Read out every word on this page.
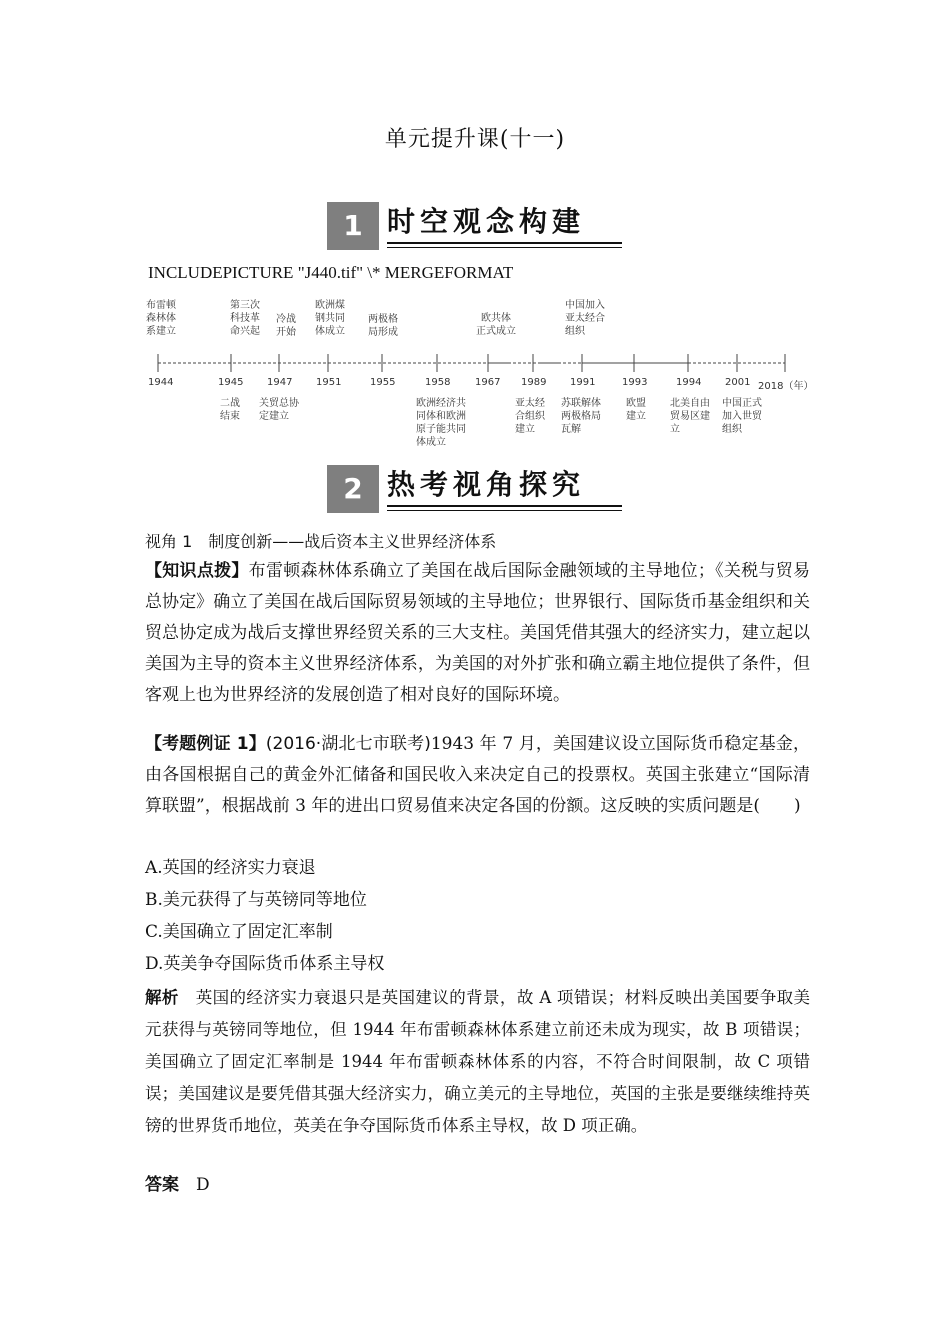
单元提升课(十一)
1 时空观念构建
INCLUDEPICTURE "J440.tif" \* MERGEFORMAT
1944	1945 1947 1951	1955	1958 1967 1989 1991	1993	1994 2001 2018（年）
布雷顿
森林体
系建立
第三次
科技革
命兴起
冷战
开始
欧洲煤
钢共同
体成立
两极格
局形成
欧共体
正式成立
中国加入
亚太经合
组织
二战
结束
关贸总协
定建立
欧洲经济共
同体和欧洲
原子能共同
体成立
亚太经
合组织
建立
苏联解体
两极格局
瓦解
欧盟
建立
北美自由
贸易区建
立
中国正式
加入世贸
组织
2 热考视角探究
视角 1　制度创新——战后资本主义世界经济体系
【知识点拨】布雷顿森林体系确立了美国在战后国际金融领域的主导地位；《关税与贸易总协定》确立了美国在战后国际贸易领域的主导地位；世界银行、国际货币基金组织和关贸总协定成为战后支撑世界经贸关系的三大支柱。美国凭借其强大的经济实力，建立起以美国为主导的资本主义世界经济体系，为美国的对外扩张和确立霸主地位提供了条件，但客观上也为世界经济的发展创造了相对良好的国际环境。
【考题例证 1】(2016·湖北七市联考)1943 年 7 月，美国建议设立国际货币稳定基金，由各国根据自己的黄金外汇储备和国民收入来决定自己的投票权。英国主张建立“国际清算联盟”，根据战前 3 年的进出口贸易值来决定各国的份额。这反映的实质问题是(　　)
A.英国的经济实力衰退
B.美元获得了与英镑同等地位
C.美国确立了固定汇率制
D.英美争夺国际货币体系主导权
解析　 英国的经济实力衰退只是英国建议的背景，故 A 项错误；材料反映出美国要争取美元获得与英镑同等地位，但 1944 年布雷顿森林体系建立前还未成为现实，故 B 项错误；美国确立了固定汇率制是 1944 年布雷顿森林体系的内容，不符合时间限制，故 C 项错误；美国建议是要凭借其强大经济实力，确立美元的主导地位，英国的主张是要继续维持英镑的世界货币地位，英美在争夺国际货币体系主导权，故 D 项正确。
答案　 D
